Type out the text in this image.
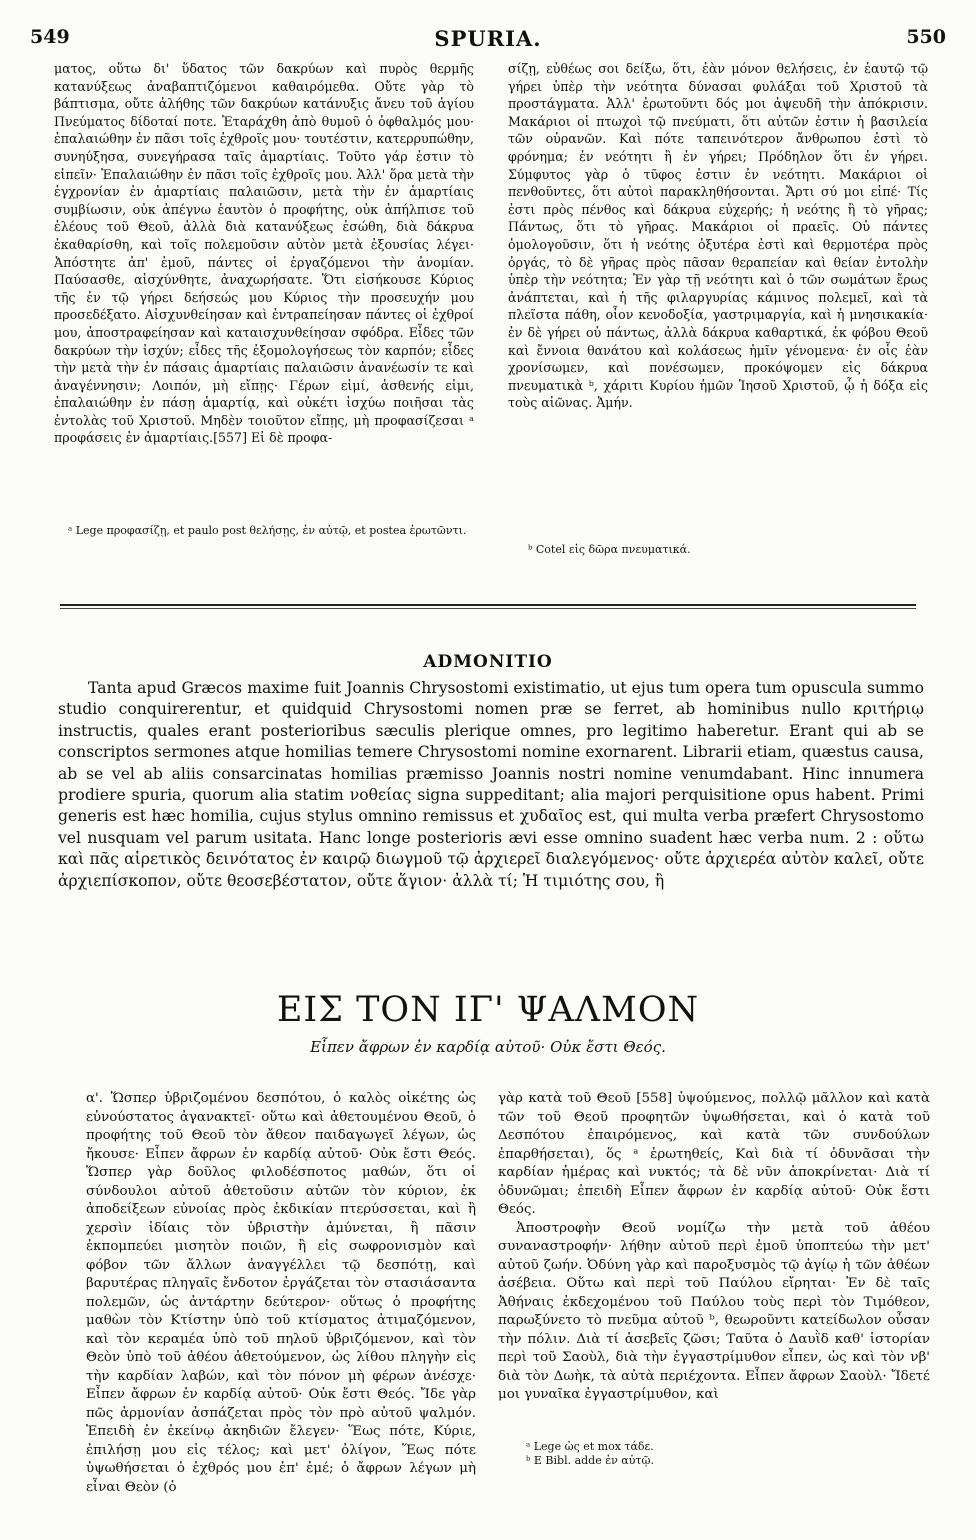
549	SPURIA.	550

ματος, οὕτω δι' ὕδατος τῶν δακρύων καὶ πυρὸς θερμῆς κατανύξεως ἀναβαπτιζόμενοι καθαιρόμεθα. Οὔτε γὰρ τὸ βάπτισμα, οὔτε ἀλήθης τῶν δακρύων κατάνυξις ἄνευ τοῦ ἁγίου Πνεύματος δίδοταί ποτε. Ἐταράχθη ἀπὸ θυμοῦ ὁ ὀφθαλμός μου· ἐπαλαιώθην ἐν πᾶσι τοῖς ἐχθροῖς μου· τουτέστιν, κατερρυπώθην, συνηύξησα, συνεγήρασα ταῖς ἁμαρτίαις. Τοῦτο γάρ ἐστιν τὸ εἰπεῖν· Ἐπαλαιώθην ἐν πᾶσι τοῖς ἐχθροῖς μου. Ἀλλ' ὅρα μετὰ τὴν ἐγχρονίαν ἐν ἁμαρτίαις παλαιῶσιν, μετὰ τὴν ἐν ἁμαρτίαις συμβίωσιν, οὐκ ἀπέγνω ἑαυτὸν ὁ προφήτης, οὐκ ἀπήλπισε τοῦ ἐλέους τοῦ Θεοῦ, ἀλλὰ διὰ κατανύξεως ἐσώθη, διὰ δάκρυα ἐκαθαρίσθη, καὶ τοῖς πολεμοῦσιν αὐτὸν μετὰ ἐξουσίας λέγει· Ἀπόστητε ἀπ' ἐμοῦ, πάντες οἱ ἐργαζόμενοι τὴν ἀνομίαν. Παύσασθε, αἰσχύνθητε, ἀναχωρήσατε. Ὅτι εἰσήκουσε Κύριος τῆς ἐν τῷ γήρει δεήσεώς μου Κύριος τὴν προσευχήν μου προσεδέξατο. Αἰσχυνθείησαν καὶ ἐντραπείησαν πάντες οἱ ἐχθροί μου, ἀποστραφείησαν καὶ καταισχυνθείησαν σφόδρα. Εἶδες τῶν δακρύων τὴν ἰσχύν; εἶδες τῆς ἐξομολογήσεως τὸν καρπόν; εἶδες τὴν μετὰ τὴν ἐν πάσαις ἁμαρτίαις παλαιῶσιν ἀνανέωσίν τε καὶ ἀναγέννησιν; Λοιπόν, μὴ εἴπῃς· Γέρων εἰμί, ἀσθενής εἰμι, ἐπαλαιώθην ἐν πάσῃ ἁμαρτίᾳ, καὶ οὐκέτι ἰσχύω ποιῆσαι τὰς ἐντολὰς τοῦ Χριστοῦ. Μηδὲν τοιοῦτον εἴπῃς, μὴ προφασίζεσαι ᵃ προφάσεις ἐν ἁμαρτίαις.[557] Εἰ δὲ προφα-

ᵃ Lege προφασίζῃ, et paulo post θελήσῃς, ἐν αὐτῷ, et postea ἐρωτῶντι.

σίζῃ, εὐθέως σοι δείξω, ὅτι, ἐὰν μόνον θελήσεις, ἐν ἑαυτῷ τῷ γήρει ὑπὲρ τὴν νεότητα δύνασαι φυλάξαι τοῦ Χριστοῦ τὰ προστάγματα. Ἀλλ' ἐρωτοῦντι δός μοι ἀψευδῆ τὴν ἀπόκρισιν. Μακάριοι οἱ πτωχοὶ τῷ πνεύματι, ὅτι αὐτῶν ἐστιν ἡ βασιλεία τῶν οὐρανῶν. Καὶ πότε ταπεινότερον ἄνθρωπου ἐστὶ τὸ φρόνημα; ἐν νεότητι ἢ ἐν γήρει; Πρόδηλον ὅτι ἐν γήρει. Σύμφυτος γὰρ ὁ τῦφος ἐστιν ἐν νεότητι. Μακάριοι οἱ πενθοῦντες, ὅτι αὐτοὶ παρακληθήσονται. Ἄρτι σύ μοι εἰπέ· Τίς ἐστι πρὸς πένθος καὶ δάκρυα εὐχερής; ἡ νεότης ἢ τὸ γῆρας; Πάντως, ὅτι τὸ γῆρας. Μακάριοι οἱ πραεῖς. Οὐ πάντες ὁμολογοῦσιν, ὅτι ἡ νεότης ὀξυτέρα ἐστὶ καὶ θερμοτέρα πρὸς ὀργάς, τὸ δὲ γῆρας πρὸς πᾶσαν θεραπείαν καὶ θείαν ἐντολὴν ὑπὲρ τὴν νεότητα; Ἐν γὰρ τῇ νεότητι καὶ ὁ τῶν σωμάτων ἔρως ἀνάπτεται, καὶ ἡ τῆς φιλαργυρίας κάμινος πολεμεῖ, καὶ τὰ πλεῖστα πάθη, οἷον κενοδοξία, γαστριμαργία, καὶ ἡ μνησικακία· ἐν δὲ γήρει οὐ πάντως, ἀλλὰ δάκρυα καθαρτικά, ἐκ φόβου Θεοῦ καὶ ἔννοια θανάτου καὶ κολάσεως ἡμῖν γένομενα· ἐν οἷς ἐὰν χρονίσωμεν, καὶ πονέσωμεν, προκόψομεν εἰς δάκρυα πνευματικὰ ᵇ, χάριτι Κυρίου ἡμῶν Ἰησοῦ Χριστοῦ, ᾧ ἡ δόξα εἰς τοὺς αἰῶνας. Ἀμήν.

ᵇ Cotel εἰς δῶρα πνευματικά.
ADMONITIO

Tanta apud Græcos maxime fuit Joannis Chrysostomi existimatio, ut ejus tum opera tum opuscula summo studio conquirerentur, et quidquid Chrysostomi nomen præ se ferret, ab hominibus nullo κριτήριῳ instructis, quales erant posterioribus sæculis plerique omnes, pro legitimo haberetur. Erant qui ab se conscriptos sermones atque homilias temere Chrysostomi nomine exornarent. Librarii etiam, quæstus causa, ab se vel ab aliis consarcinatas homilias præmisso Joannis nostri nomine venumdabant. Hinc innumera prodiere spuria, quorum alia statim νοθείας signa suppeditant; alia majori perquisitione opus habent. Primi generis est hæc homilia, cujus stylus omnino remissus et χυδαῖος est, qui multa verba præfert Chrysostomo vel nusquam vel parum usitata. Hanc longe posterioris ævi esse omnino suadent hæc verba num. 2 : οὕτω καὶ πᾶς αἱρετικὸς δεινότατος ἐν καιρῷ διωγμοῦ τῷ ἀρχιερεῖ διαλεγόμενος· οὔτε ἀρχιερέα αὐτὸν καλεῖ, οὔτε ἀρχιεπίσκοπον, οὔτε θεοσεβέστατον, οὔτε ἅγιον· ἀλλὰ τί; Ἡ τιμιότης σου, ἢ

ΕΙΣ ΤΟΝ ΙΓ' ΨΑΛΜΟΝ
Εἶπεν ἄφρων ἐν καρδίᾳ αὐτοῦ· Οὐκ ἔστι Θεός.

α'. Ὥσπερ ὑβριζομένου δεσπότου, ὁ καλὸς οἰκέτης ὡς εὐνούστατος ἀγανακτεῖ· οὕτω καὶ ἀθετουμένου Θεοῦ, ὁ προφήτης τοῦ Θεοῦ τὸν ἄθεον παιδαγωγεῖ λέγων, ὡς ἤκουσε· Εἶπεν ἄφρων ἐν καρδίᾳ αὐτοῦ· Οὐκ ἔστι Θεός. Ὥσπερ γὰρ δοῦλος φιλοδέσποτος μαθών, ὅτι οἱ σύνδουλοι αὐτοῦ ἀθετοῦσιν αὐτῶν τὸν κύριον, ἐκ ἀποδείξεων εὐνοίας πρὸς ἐκδικίαν πτερύσσεται, καὶ ἢ χερσὶν ἰδίαις τὸν ὑβριστὴν ἀμύνεται, ἢ πᾶσιν ἐκπομπεύει μισητὸν ποιῶν, ἢ εἰς σωφρονισμὸν καὶ φόβον τῶν ἄλλων ἀναγγέλλει τῷ δεσπότῃ, καὶ βαρυτέρας πληγαῖς ἔνδοτον ἐργάζεται τὸν στασιάσαντα πολεμῶν, ὡς ἀντάρτην δεύτερον· οὕτως ὁ προφήτης μαθὼν τὸν Κτίστην ὑπὸ τοῦ κτίσματος ἀτιμαζόμενον, καὶ τὸν κεραμέα ὑπὸ τοῦ πηλοῦ ὑβριζόμενον, καὶ τὸν Θεὸν ὑπὸ τοῦ ἀθέου ἀθετούμενον, ὡς λίθου πληγὴν εἰς τὴν καρδίαν λαβών, καὶ τὸν πόνον μὴ φέρων ἀνέσχε· Εἶπεν ἄφρων ἐν καρδίᾳ αὐτοῦ· Οὐκ ἔστι Θεός. Ἴδε γὰρ πῶς ἁρμονίαν ἀσπάζεται πρὸς τὸν πρὸ αὐτοῦ ψαλμόν. Ἐπειδὴ ἐν ἐκείνῳ ἀκηδιῶν ἔλεγεν· Ἕως πότε, Κύριε, ἐπιλήσῃ μου εἰς τέλος; καὶ μετ' ὀλίγον, Ἕως πότε ὑψωθήσεται ὁ ἐχθρός μου ἐπ' ἐμέ; ὁ ἄφρων λέγων μὴ εἶναι Θεὸν (ὁ

γὰρ κατὰ τοῦ Θεοῦ [558] ὑψούμενος, πολλῷ μᾶλλον καὶ κατὰ τῶν τοῦ Θεοῦ προφητῶν ὑψωθήσεται, καὶ ὁ κατὰ τοῦ Δεσπότου ἐπαιρόμενος, καὶ κατὰ τῶν συνδούλων ἐπαρθήσεται), ὅς ᵃ ἐρωτηθείς, Καὶ διὰ τί ὀδυνᾶσαι τὴν καρδίαν ἡμέρας καὶ νυκτός; τὰ δὲ νῦν ἀποκρίνεται· Διὰ τί ὀδυνῶμαι; ἐπειδὴ Εἶπεν ἄφρων ἐν καρδίᾳ αὐτοῦ· Οὐκ ἔστι Θεός.

Ἀποστροφὴν Θεοῦ νομίζω τὴν μετὰ τοῦ ἀθέου συναναστροφήν· λήθην αὐτοῦ περὶ ἐμοῦ ὑποπτεύω τὴν μετ' αὐτοῦ ζωήν. Ὀδύνη γὰρ καὶ παροξυσμὸς τῷ ἁγίῳ ἡ τῶν ἀθέων ἀσέβεια. Οὕτω καὶ περὶ τοῦ Παύλου εἴρηται· Ἐν δὲ ταῖς Ἀθήναις ἐκδεχομένου τοῦ Παύλου τοὺς περὶ τὸν Τιμόθεον, παρωξύνετο τὸ πνεῦμα αὐτοῦ ᵇ, θεωροῦντι κατείδωλον οὖσαν τὴν πόλιν. Διὰ τί ἀσεβεῖς ζῶσι; Ταῦτα ὁ Δαυῒδ καθ' ἱστορίαν περὶ τοῦ Σαοὺλ, διὰ τὴν ἐγγαστρίμυθον εἶπεν, ὡς καὶ τὸν νβ' διὰ τὸν Δωὴκ, τὰ αὐτὰ περιέχοντα. Εἶπεν ἄφρων Σαοὺλ· Ἴδετέ μοι γυναῖκα ἐγγαστρίμυθον, καὶ

ᵃ Lege ὡς et mox τάδε.

ᵇ E Bibl. adde ἐν αὐτῷ.
